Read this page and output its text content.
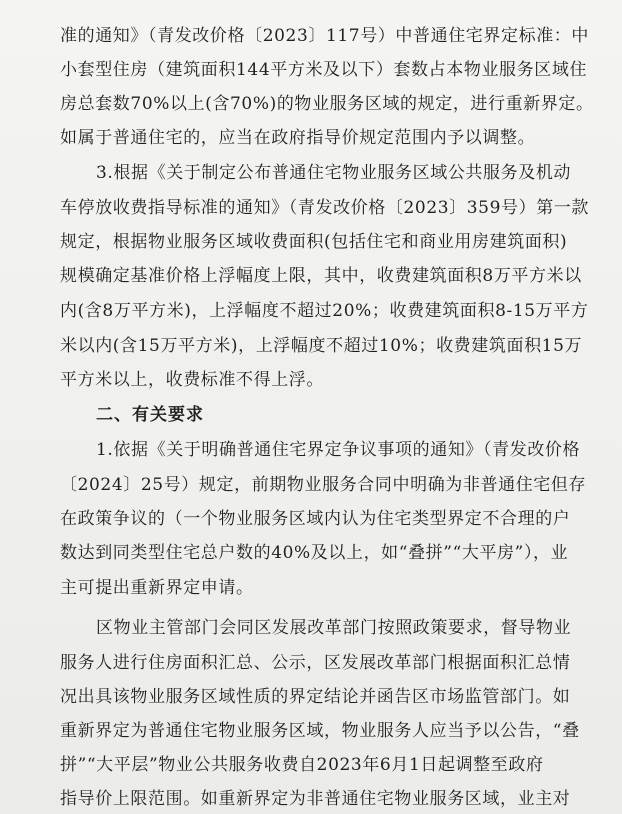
准的通知》（青发改价格〔2023〕117号）中普通住宅界定标准：中
小套型住房（建筑面积144平方米及以下）套数占本物业服务区域住
房总套数70%以上(含70%)的物业服务区域的规定，进行重新界定。
如属于普通住宅的，应当在政府指导价规定范围内予以调整。
3.根据《关于制定公布普通住宅物业服务区域公共服务及机动
车停放收费指导标准的通知》（青发改价格〔2023〕359号）第一款
规定，根据物业服务区域收费面积(包括住宅和商业用房建筑面积)
规模确定基准价格上浮幅度上限，其中，收费建筑面积8万平方米以
内(含8万平方米)，上浮幅度不超过20%；收费建筑面积8-15万平方
米以内(含15万平方米)，上浮幅度不超过10%；收费建筑面积15万
平方米以上，收费标准不得上浮。
二、有关要求
1.依据《关于明确普通住宅界定争议事项的通知》（青发改价格
〔2024〕25号）规定，前期物业服务合同中明确为非普通住宅但存
在政策争议的（一个物业服务区域内认为住宅类型界定不合理的户
数达到同类型住宅总户数的40%及以上，如“叠拼”“大平房”），业
主可提出重新界定申请。
区物业主管部门会同区发展改革部门按照政策要求，督导物业
服务人进行住房面积汇总、公示，区发展改革部门根据面积汇总情
况出具该物业服务区域性质的界定结论并函告区市场监管部门。如
重新界定为普通住宅物业服务区域，物业服务人应当予以公告，“叠
拼”“大平层”物业公共服务收费自2023年6月1日起调整至政府
指导价上限范围。如重新界定为非普通住宅物业服务区域，业主对
